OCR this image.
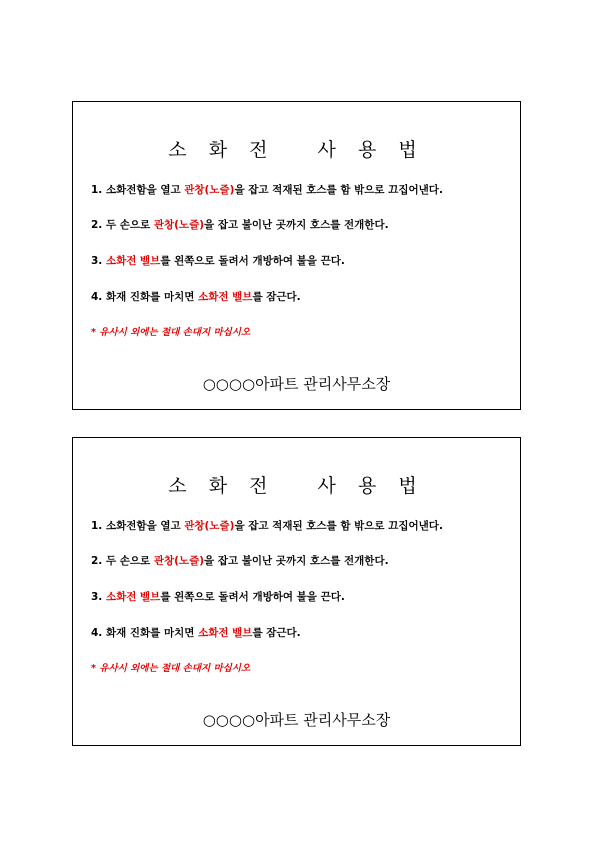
소 화 전   사 용 법
1. 소화전함을 열고 관창(노즐)을 잡고 적재된 호스를 함 밖으로 끄집어낸다.
2. 두 손으로 관창(노즐)을 잡고 불이난 곳까지 호스를 전개한다.
3. 소화전 밸브를 왼쪽으로 돌려서 개방하여 불을 끈다.
4. 화재 진화를 마치면 소화전 밸브를 잠근다.
* 유사시 외에는 절대 손대지 마십시오
○○○○아파트 관리사무소장
소 화 전   사 용 법
1. 소화전함을 열고 관창(노즐)을 잡고 적재된 호스를 함 밖으로 끄집어낸다.
2. 두 손으로 관창(노즐)을 잡고 불이난 곳까지 호스를 전개한다.
3. 소화전 밸브를 왼쪽으로 돌려서 개방하여 불을 끈다.
4. 화재 진화를 마치면 소화전 밸브를 잠근다.
* 유사시 외에는 절대 손대지 마십시오
○○○○아파트 관리사무소장
